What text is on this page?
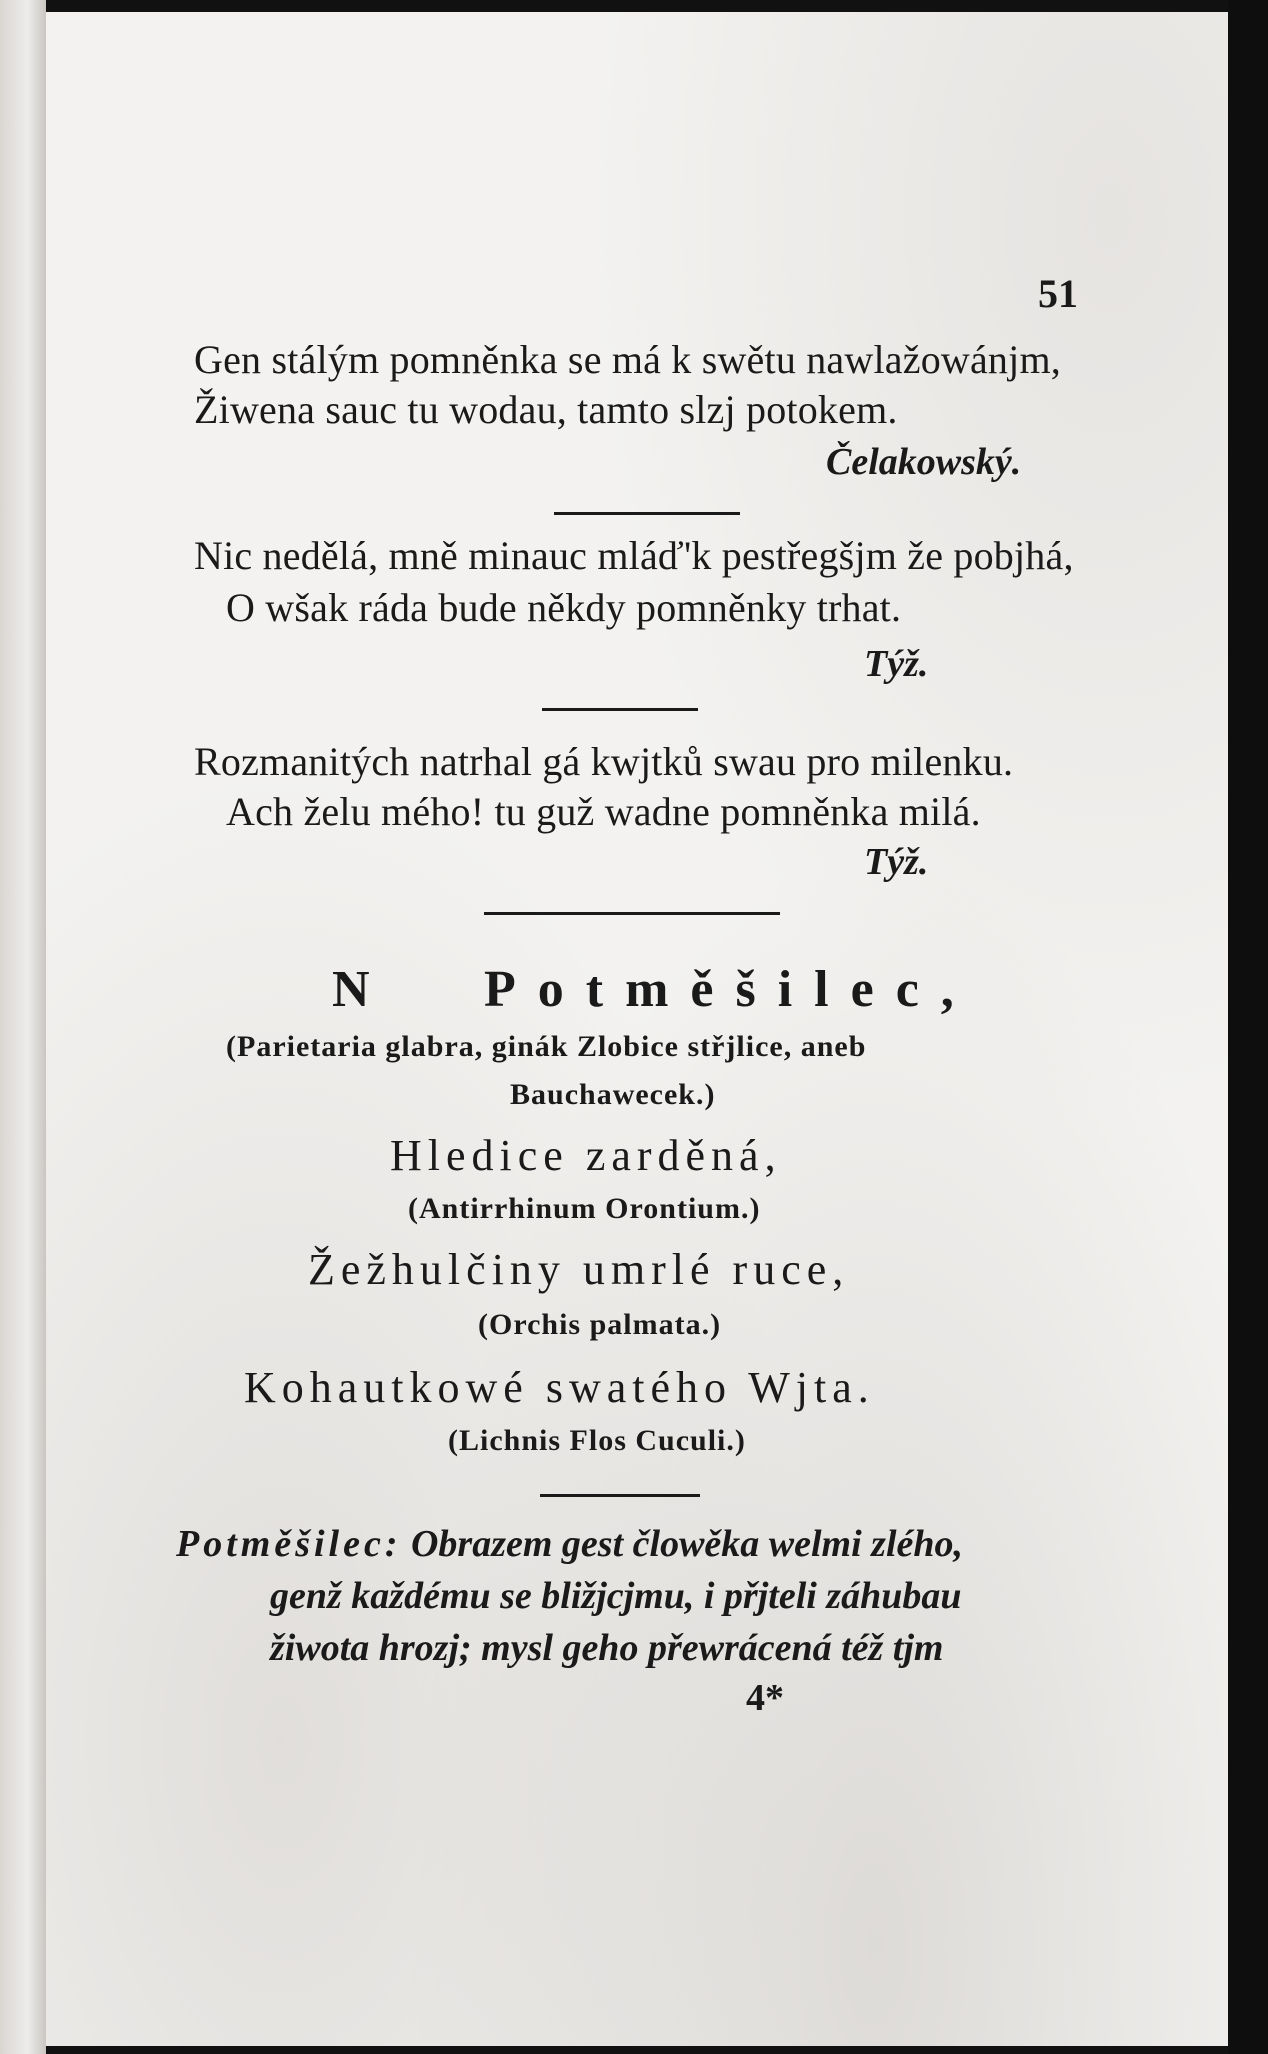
51
Gen stálým pomněnka se má k swětu nawlažowánjm,
Žiwena sauc tu wodau, tamto slzj potokem.
Čelakowský.
Nic nedělá, mně minauc mláď'k pestřegšjm že pobjhá,
O wšak ráda bude někdy pomněnky trhat.
Týž.
Rozmanitých natrhal gá kwjtků swau pro milenku.
Ach želu mého! tu guž wadne pomněnka milá.
Týž.
N Potměšilec,
(Parietaria glabra, ginák Zlobice střjlice, aneb
Bauchawecek.)
Hledice zarděná,
(Antirrhinum Orontium.)
Žežhulčiny umrlé ruce,
(Orchis palmata.)
Kohautkowé swatého Wjta.
(Lichnis Flos Cuculi.)
Potměšilec: Obrazem gest člowěka welmi zlého,
genž každému se bližjcjmu, i přjteli záhubau
žiwota hrozj; mysl geho přewrácená též tjm
4*
